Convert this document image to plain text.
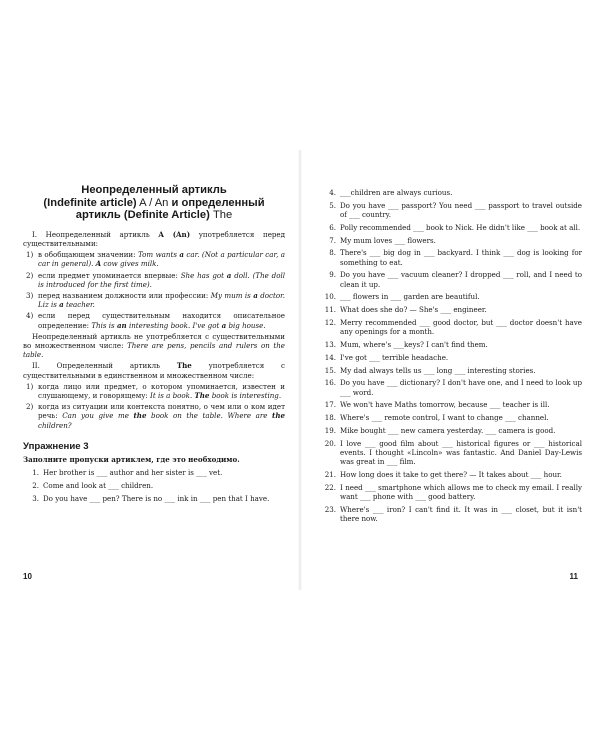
Неопределенный артикль
(Indefinite article) A / An и определенный
артикль (Definite Article) The

I. Неопределенный артикль A (An) употребляется перед существительными:

1) в обобщающем значении: Tom wants a car. (Not a particular car, a car in general). A cow gives milk.
2) если предмет упоминается впервые: She has got a doll. (The doll is introduced for the first time).
3) перед названием должности или профессии: My mum is a doctor. Liz is a teacher.
4) если перед существительным находится описательное определение: This is an interesting book. I've got a big house.

Неопределенный артикль не употребляется с существительными во множественном числе: There are pens, pencils and rulers on the table.

II. Определенный артикль The употребляется с существительными в единственном и множественном числе:

1) когда лицо или предмет, о котором упоминается, известен и слушающему, и говорящему: It is a book. The book is interesting.
2) когда из ситуации или контекста понятно, о чем или о ком идет речь: Can you give me the book on the table. Where are the children?
Упражнение 3
Заполните пропуски артиклем, где это необходимо.
1. Her brother is ___ author and her sister is ___ vet.
2. Come and look at ___ children.
3. Do you have ___ pen? There is no ___ ink in ___ pen that I have.
10
4. ___children are always curious.
5. Do you have ___ passport? You need ___ passport to travel outside of ___ country.
6. Polly recommended ___ book to Nick. He didn't like ___ book at all.
7. My mum loves ___ flowers.
8. There's ___ big dog in ___ backyard. I think ___ dog is looking for something to eat.
9. Do you have ___ vacuum cleaner? I dropped ___ roll, and I need to clean it up.
10. ___ flowers in ___ garden are beautiful.
11. What does she do? — She's ___ engineer.
12. Merry recommended ___ good doctor, but ___ doctor doesn't have any openings for a month.
13. Mum, where's ___keys? I can't find them.
14. I've got ___ terrible headache.
15. My dad always tells us ___ long ___ interesting stories.
16. Do you have ___ dictionary? I don't have one, and I need to look up ___ word.
17. We won't have Maths tomorrow, because ___ teacher is ill.
18. Where's ___ remote control, I want to change ___ channel.
19. Mike bought ___ new camera yesterday. ___ camera is good.
20. I love ___ good film about ___ historical figures or ___ historical events. I thought «Lincoln» was fantastic. And Daniel Day-Lewis was great in ___ film.
21. How long does it take to get there? — It takes about ___ hour.
22. I need ___ smartphone which allows me to check my email. I really want ___ phone with ___ good battery.
23. Where's ___ iron? I can't find it. It was in ___ closet, but it isn't there now.
11
